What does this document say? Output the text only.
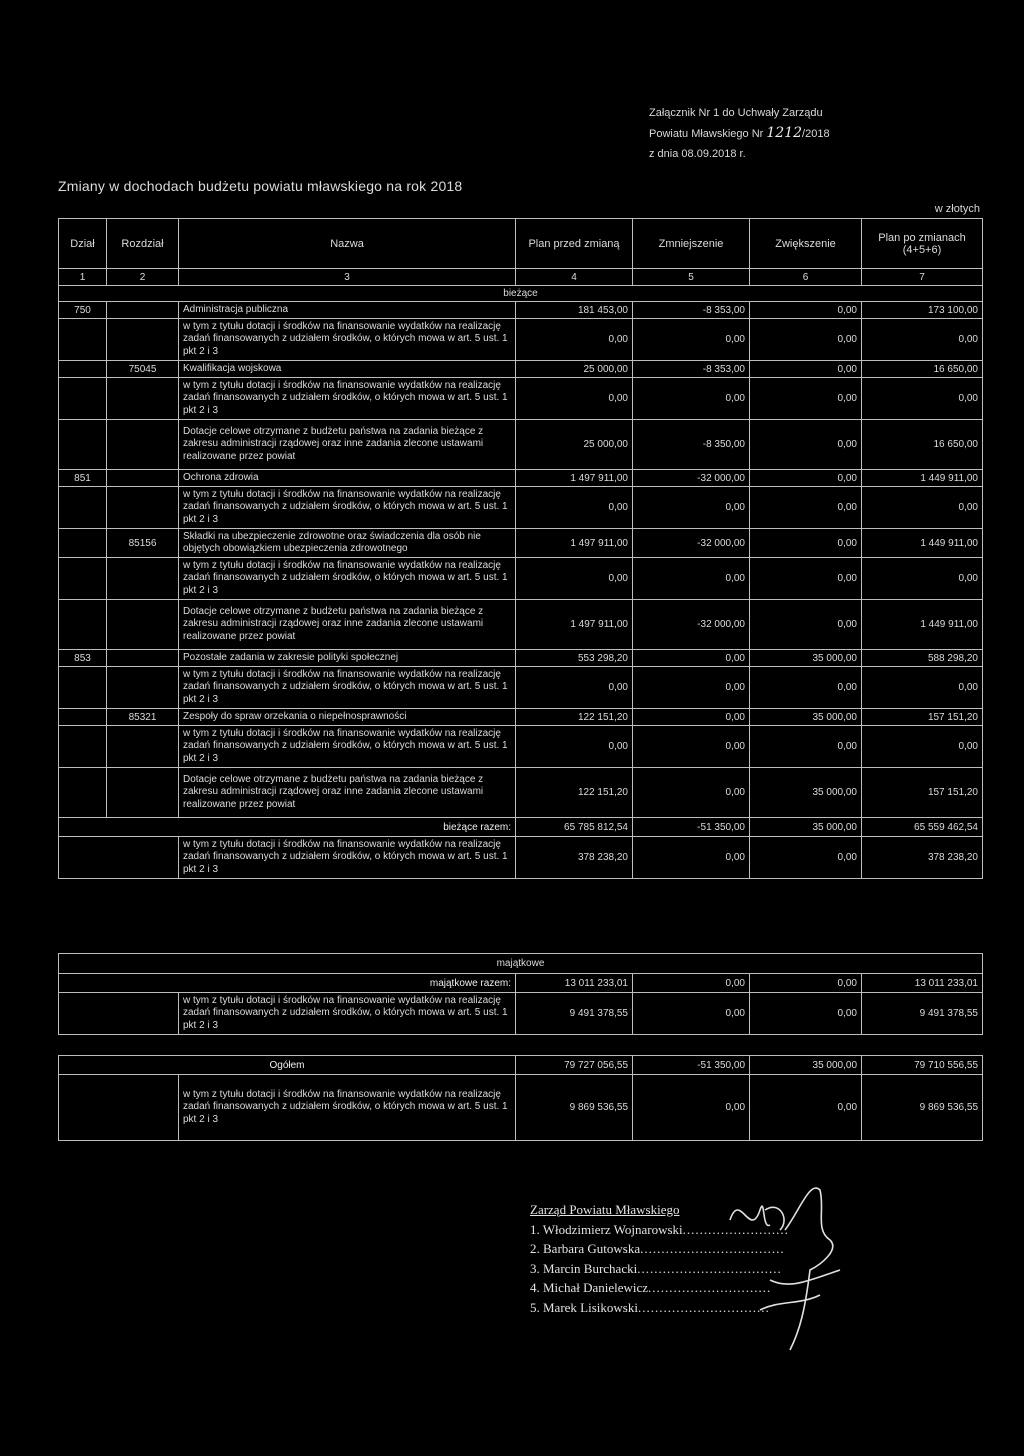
Załącznik Nr 1 do Uchwały Zarządu
Powiatu Mławskiego Nr 1212/2018
z dnia 08.09.2018 r.
Zmiany w dochodach budżetu powiatu mławskiego na rok 2018
w złotych
Dział	Rozdział	Nazwa	Plan przed zmianą	Zmniejszenie	Zwiększenie	Plan po zmianach (4+5+6)
1	2	3	4	5	6	7
bieżące						
750		Administracja publiczna	181 453,00	-8 353,00	0,00	173 100,00
		w tym z tytułu dotacji i środków na finansowanie wydatków na realizację zadań finansowanych z udziałem środków, o których mowa w art. 5 ust. 1 pkt 2 i 3	0,00	0,00	0,00	0,00
	75045	Kwalifikacja wojskowa	25 000,00	-8 353,00	0,00	16 650,00
		w tym z tytułu dotacji i środków na finansowanie wydatków na realizację zadań finansowanych z udziałem środków, o których mowa w art. 5 ust. 1 pkt 2 i 3	0,00	0,00	0,00	0,00
		Dotacje celowe otrzymane z budżetu państwa na zadania bieżące z zakresu administracji rządowej oraz inne zadania zlecone ustawami realizowane przez powiat	25 000,00	-8 350,00	0,00	16 650,00
851		Ochrona zdrowia	1 497 911,00	-32 000,00	0,00	1 449 911,00
		w tym z tytułu dotacji i środków na finansowanie wydatków na realizację zadań finansowanych z udziałem środków, o których mowa w art. 5 ust. 1 pkt 2 i 3	0,00	0,00	0,00	0,00
	85156	Składki na ubezpieczenie zdrowotne oraz świadczenia dla osób nie objętych obowiązkiem ubezpieczenia zdrowotnego	1 497 911,00	-32 000,00	0,00	1 449 911,00
		w tym z tytułu dotacji i środków na finansowanie wydatków na realizację zadań finansowanych z udziałem środków, o których mowa w art. 5 ust. 1 pkt 2 i 3	0,00	0,00	0,00	0,00
		Dotacje celowe otrzymane z budżetu państwa na zadania bieżące z zakresu administracji rządowej oraz inne zadania zlecone ustawami realizowane przez powiat	1 497 911,00	-32 000,00	0,00	1 449 911,00
853		Pozostałe zadania w zakresie polityki społecznej	553 298,20	0,00	35 000,00	588 298,20
		w tym z tytułu dotacji i środków na finansowanie wydatków na realizację zadań finansowanych z udziałem środków, o których mowa w art. 5 ust. 1 pkt 2 i 3	0,00	0,00	0,00	0,00
	85321	Zespoły do spraw orzekania o niepełnosprawności	122 151,20	0,00	35 000,00	157 151,20
		w tym z tytułu dotacji i środków na finansowanie wydatków na realizację zadań finansowanych z udziałem środków, o których mowa w art. 5 ust. 1 pkt 2 i 3	0,00	0,00	0,00	0,00
		Dotacje celowe otrzymane z budżetu państwa na zadania bieżące z zakresu administracji rządowej oraz inne zadania zlecone ustawami realizowane przez powiat	122 151,20	0,00	35 000,00	157 151,20
bieżące razem:			65 785 812,54	-51 350,00	35 000,00	65 559 462,54
		w tym z tytułu dotacji i środków na finansowanie wydatków na realizację zadań finansowanych z udziałem środków, o których mowa w art. 5 ust. 1 pkt 2 i 3	378 238,20	0,00	0,00	378 238,20
majątkowe					
majątkowe razem:		13 011 233,01	0,00	0,00	13 011 233,01
	w tym z tytułu dotacji i środków na finansowanie wydatków na realizację zadań finansowanych z udziałem środków, o których mowa w art. 5 ust. 1 pkt 2 i 3	9 491 378,55	0,00	0,00	9 491 378,55
Ogółem		79 727 056,55	-51 350,00	35 000,00	79 710 556,55
	w tym z tytułu dotacji i środków na finansowanie wydatków na realizację zadań finansowanych z udziałem środków, o których mowa w art. 5 ust. 1 pkt 2 i 3	9 869 536,55	0,00	0,00	9 869 536,55
Zarząd Powiatu Mławskiego
1. Włodzimierz Wojnarowski.........................
2. Barbara Gutowska..................................
3. Marcin Burchacki..................................
4. Michał Danielewicz.............................
5. Marek Lisikowski...............................
